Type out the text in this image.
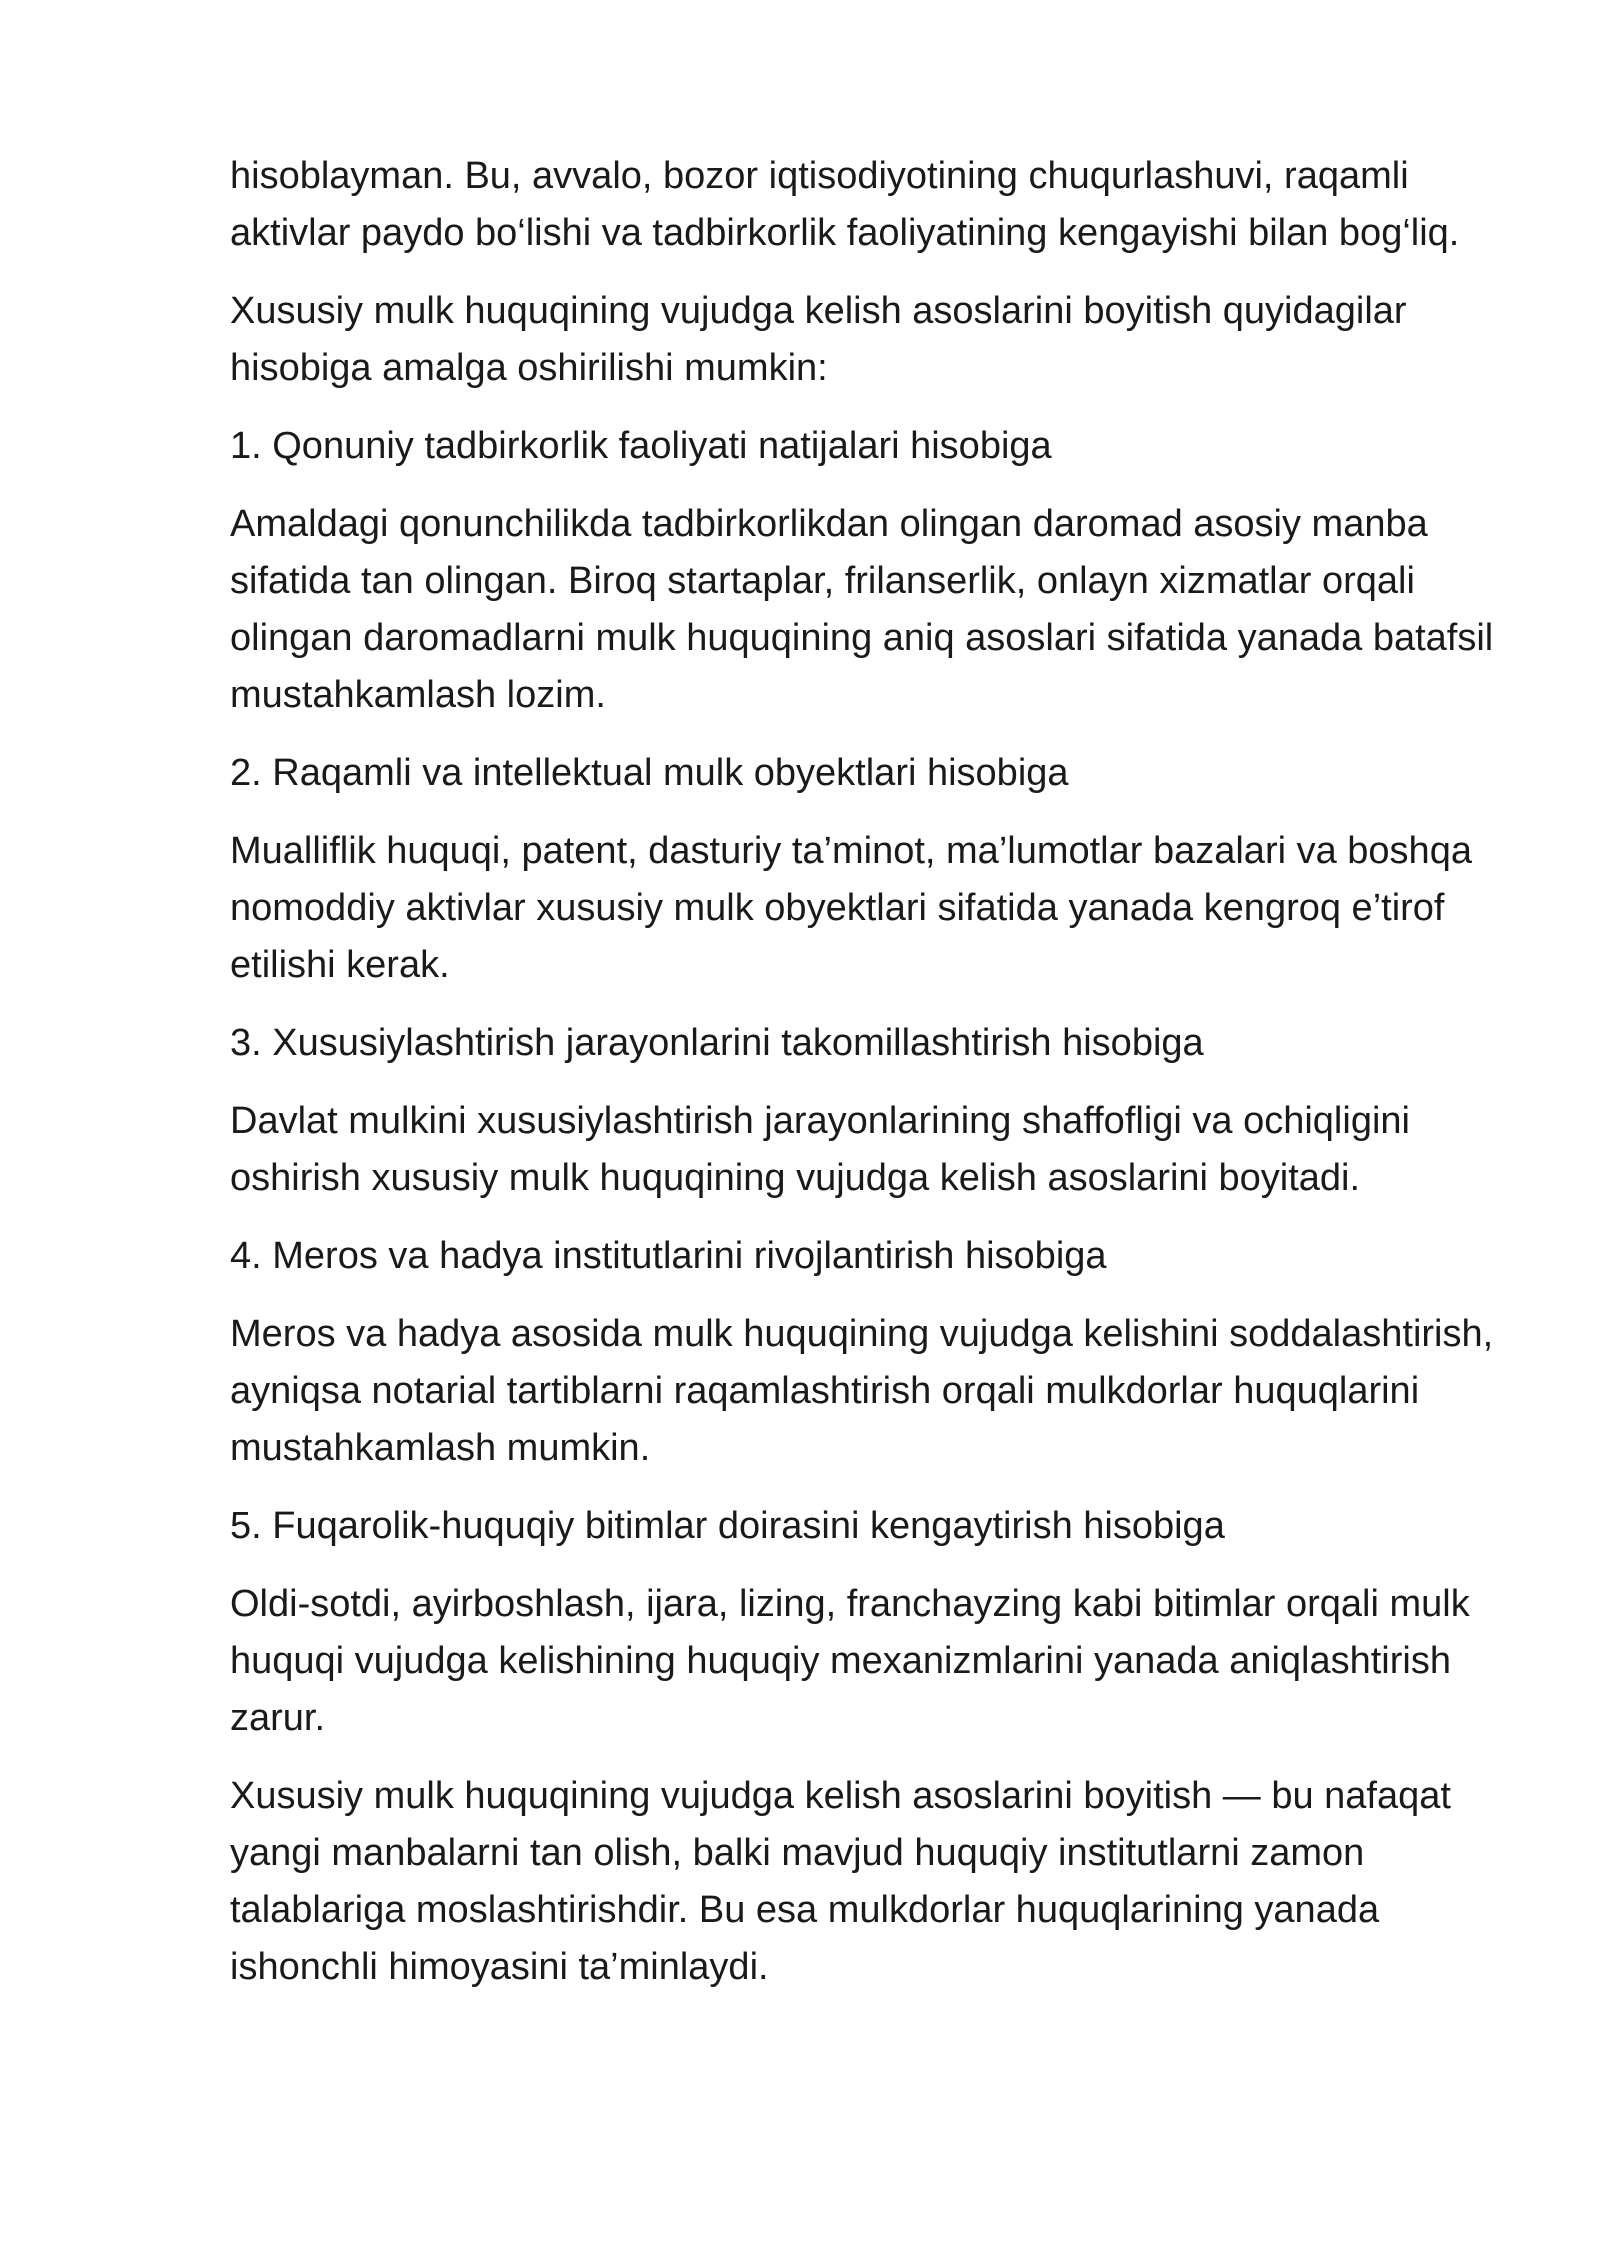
hisoblayman. Bu, avvalo, bozor iqtisodiyotining chuqurlashuvi, raqamli aktivlar paydo bo‘lishi va tadbirkorlik faoliyatining kengayishi bilan bog‘liq.

Xususiy mulk huquqining vujudga kelish asoslarini boyitish quyidagilar hisobiga amalga oshirilishi mumkin:

1. Qonuniy tadbirkorlik faoliyati natijalari hisobiga

Amaldagi qonunchilikda tadbirkorlikdan olingan daromad asosiy manba sifatida tan olingan. Biroq startaplar, frilanserlik, onlayn xizmatlar orqali olingan daromadlarni mulk huquqining aniq asoslari sifatida yanada batafsil mustahkamlash lozim.

2. Raqamli va intellektual mulk obyektlari hisobiga

Mualliflik huquqi, patent, dasturiy ta’minot, ma’lumotlar bazalari va boshqa nomoddiy aktivlar xususiy mulk obyektlari sifatida yanada kengroq e’tirof etilishi kerak.

3. Xususiylashtirish jarayonlarini takomillashtirish hisobiga

Davlat mulkini xususiylashtirish jarayonlarining shaffofligi va ochiqligini oshirish xususiy mulk huquqining vujudga kelish asoslarini boyitadi.

4. Meros va hadya institutlarini rivojlantirish hisobiga

Meros va hadya asosida mulk huquqining vujudga kelishini soddalashtirish, ayniqsa notarial tartiblarni raqamlashtirish orqali mulkdorlar huquqlarini mustahkamlash mumkin.

5. Fuqarolik-huquqiy bitimlar doirasini kengaytirish hisobiga

Oldi-sotdi, ayirboshlash, ijara, lizing, franchayzing kabi bitimlar orqali mulk huquqi vujudga kelishining huquqiy mexanizmlarini yanada aniqlashtirish zarur.

Xususiy mulk huquqining vujudga kelish asoslarini boyitish — bu nafaqat yangi manbalarni tan olish, balki mavjud huquqiy institutlarni zamon talablariga moslashtirishdir. Bu esa mulkdorlar huquqlarining yanada ishonchli himoyasini ta’minlaydi.
